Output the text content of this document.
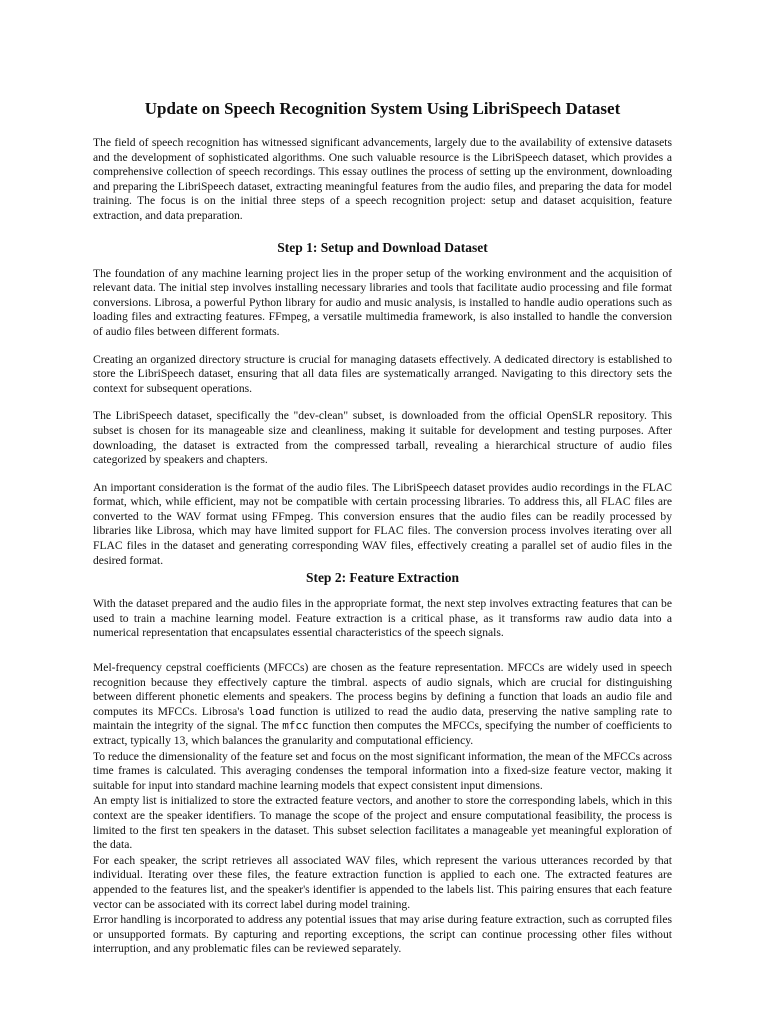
Update on Speech Recognition System Using LibriSpeech Dataset

The field of speech recognition has witnessed significant advancements, largely due to the availability of extensive datasets and the development of sophisticated algorithms. One such valuable resource is the LibriSpeech dataset, which provides a comprehensive collection of speech recordings. This essay outlines the process of setting up the environment, downloading and preparing the LibriSpeech dataset, extracting meaningful features from the audio files, and preparing the data for model training. The focus is on the initial three steps of a speech recognition project: setup and dataset acquisition, feature extraction, and data preparation.

Step 1: Setup and Download Dataset

The foundation of any machine learning project lies in the proper setup of the working environment and the acquisition of relevant data. The initial step involves installing necessary libraries and tools that facilitate audio processing and file format conversions. Librosa, a powerful Python library for audio and music analysis, is installed to handle audio operations such as loading files and extracting features. FFmpeg, a versatile multimedia framework, is also installed to handle the conversion of audio files between different formats.

Creating an organized directory structure is crucial for managing datasets effectively. A dedicated directory is established to store the LibriSpeech dataset, ensuring that all data files are systematically arranged. Navigating to this directory sets the context for subsequent operations.

The LibriSpeech dataset, specifically the "dev-clean" subset, is downloaded from the official OpenSLR repository. This subset is chosen for its manageable size and cleanliness, making it suitable for development and testing purposes. After downloading, the dataset is extracted from the compressed tarball, revealing a hierarchical structure of audio files categorized by speakers and chapters.

An important consideration is the format of the audio files. The LibriSpeech dataset provides audio recordings in the FLAC format, which, while efficient, may not be compatible with certain processing libraries. To address this, all FLAC files are converted to the WAV format using FFmpeg. This conversion ensures that the audio files can be readily processed by libraries like Librosa, which may have limited support for FLAC files. The conversion process involves iterating over all FLAC files in the dataset and generating corresponding WAV files, effectively creating a parallel set of audio files in the desired format.

Step 2: Feature Extraction

With the dataset prepared and the audio files in the appropriate format, the next step involves extracting features that can be used to train a machine learning model. Feature extraction is a critical phase, as it transforms raw audio data into a numerical representation that encapsulates essential characteristics of the speech signals.

Mel-frequency cepstral coefficients (MFCCs) are chosen as the feature representation. MFCCs are widely used in speech recognition because they effectively capture the timbral. aspects of audio signals, which are crucial for distinguishing between different phonetic elements and speakers. The process begins by defining a function that loads an audio file and computes its MFCCs. Librosa's load function is utilized to read the audio data, preserving the native sampling rate to maintain the integrity of the signal. The mfcc function then computes the MFCCs, specifying the number of coefficients to extract, typically 13, which balances the granularity and computational efficiency.

To reduce the dimensionality of the feature set and focus on the most significant information, the mean of the MFCCs across time frames is calculated. This averaging condenses the temporal information into a fixed-size feature vector, making it suitable for input into standard machine learning models that expect consistent input dimensions.

An empty list is initialized to store the extracted feature vectors, and another to store the corresponding labels, which in this context are the speaker identifiers. To manage the scope of the project and ensure computational feasibility, the process is limited to the first ten speakers in the dataset. This subset selection facilitates a manageable yet meaningful exploration of the data.

For each speaker, the script retrieves all associated WAV files, which represent the various utterances recorded by that individual. Iterating over these files, the feature extraction function is applied to each one. The extracted features are appended to the features list, and the speaker's identifier is appended to the labels list. This pairing ensures that each feature vector can be associated with its correct label during model training.

Error handling is incorporated to address any potential issues that may arise during feature extraction, such as corrupted files or unsupported formats. By capturing and reporting exceptions, the script can continue processing other files without interruption, and any problematic files can be reviewed separately.
